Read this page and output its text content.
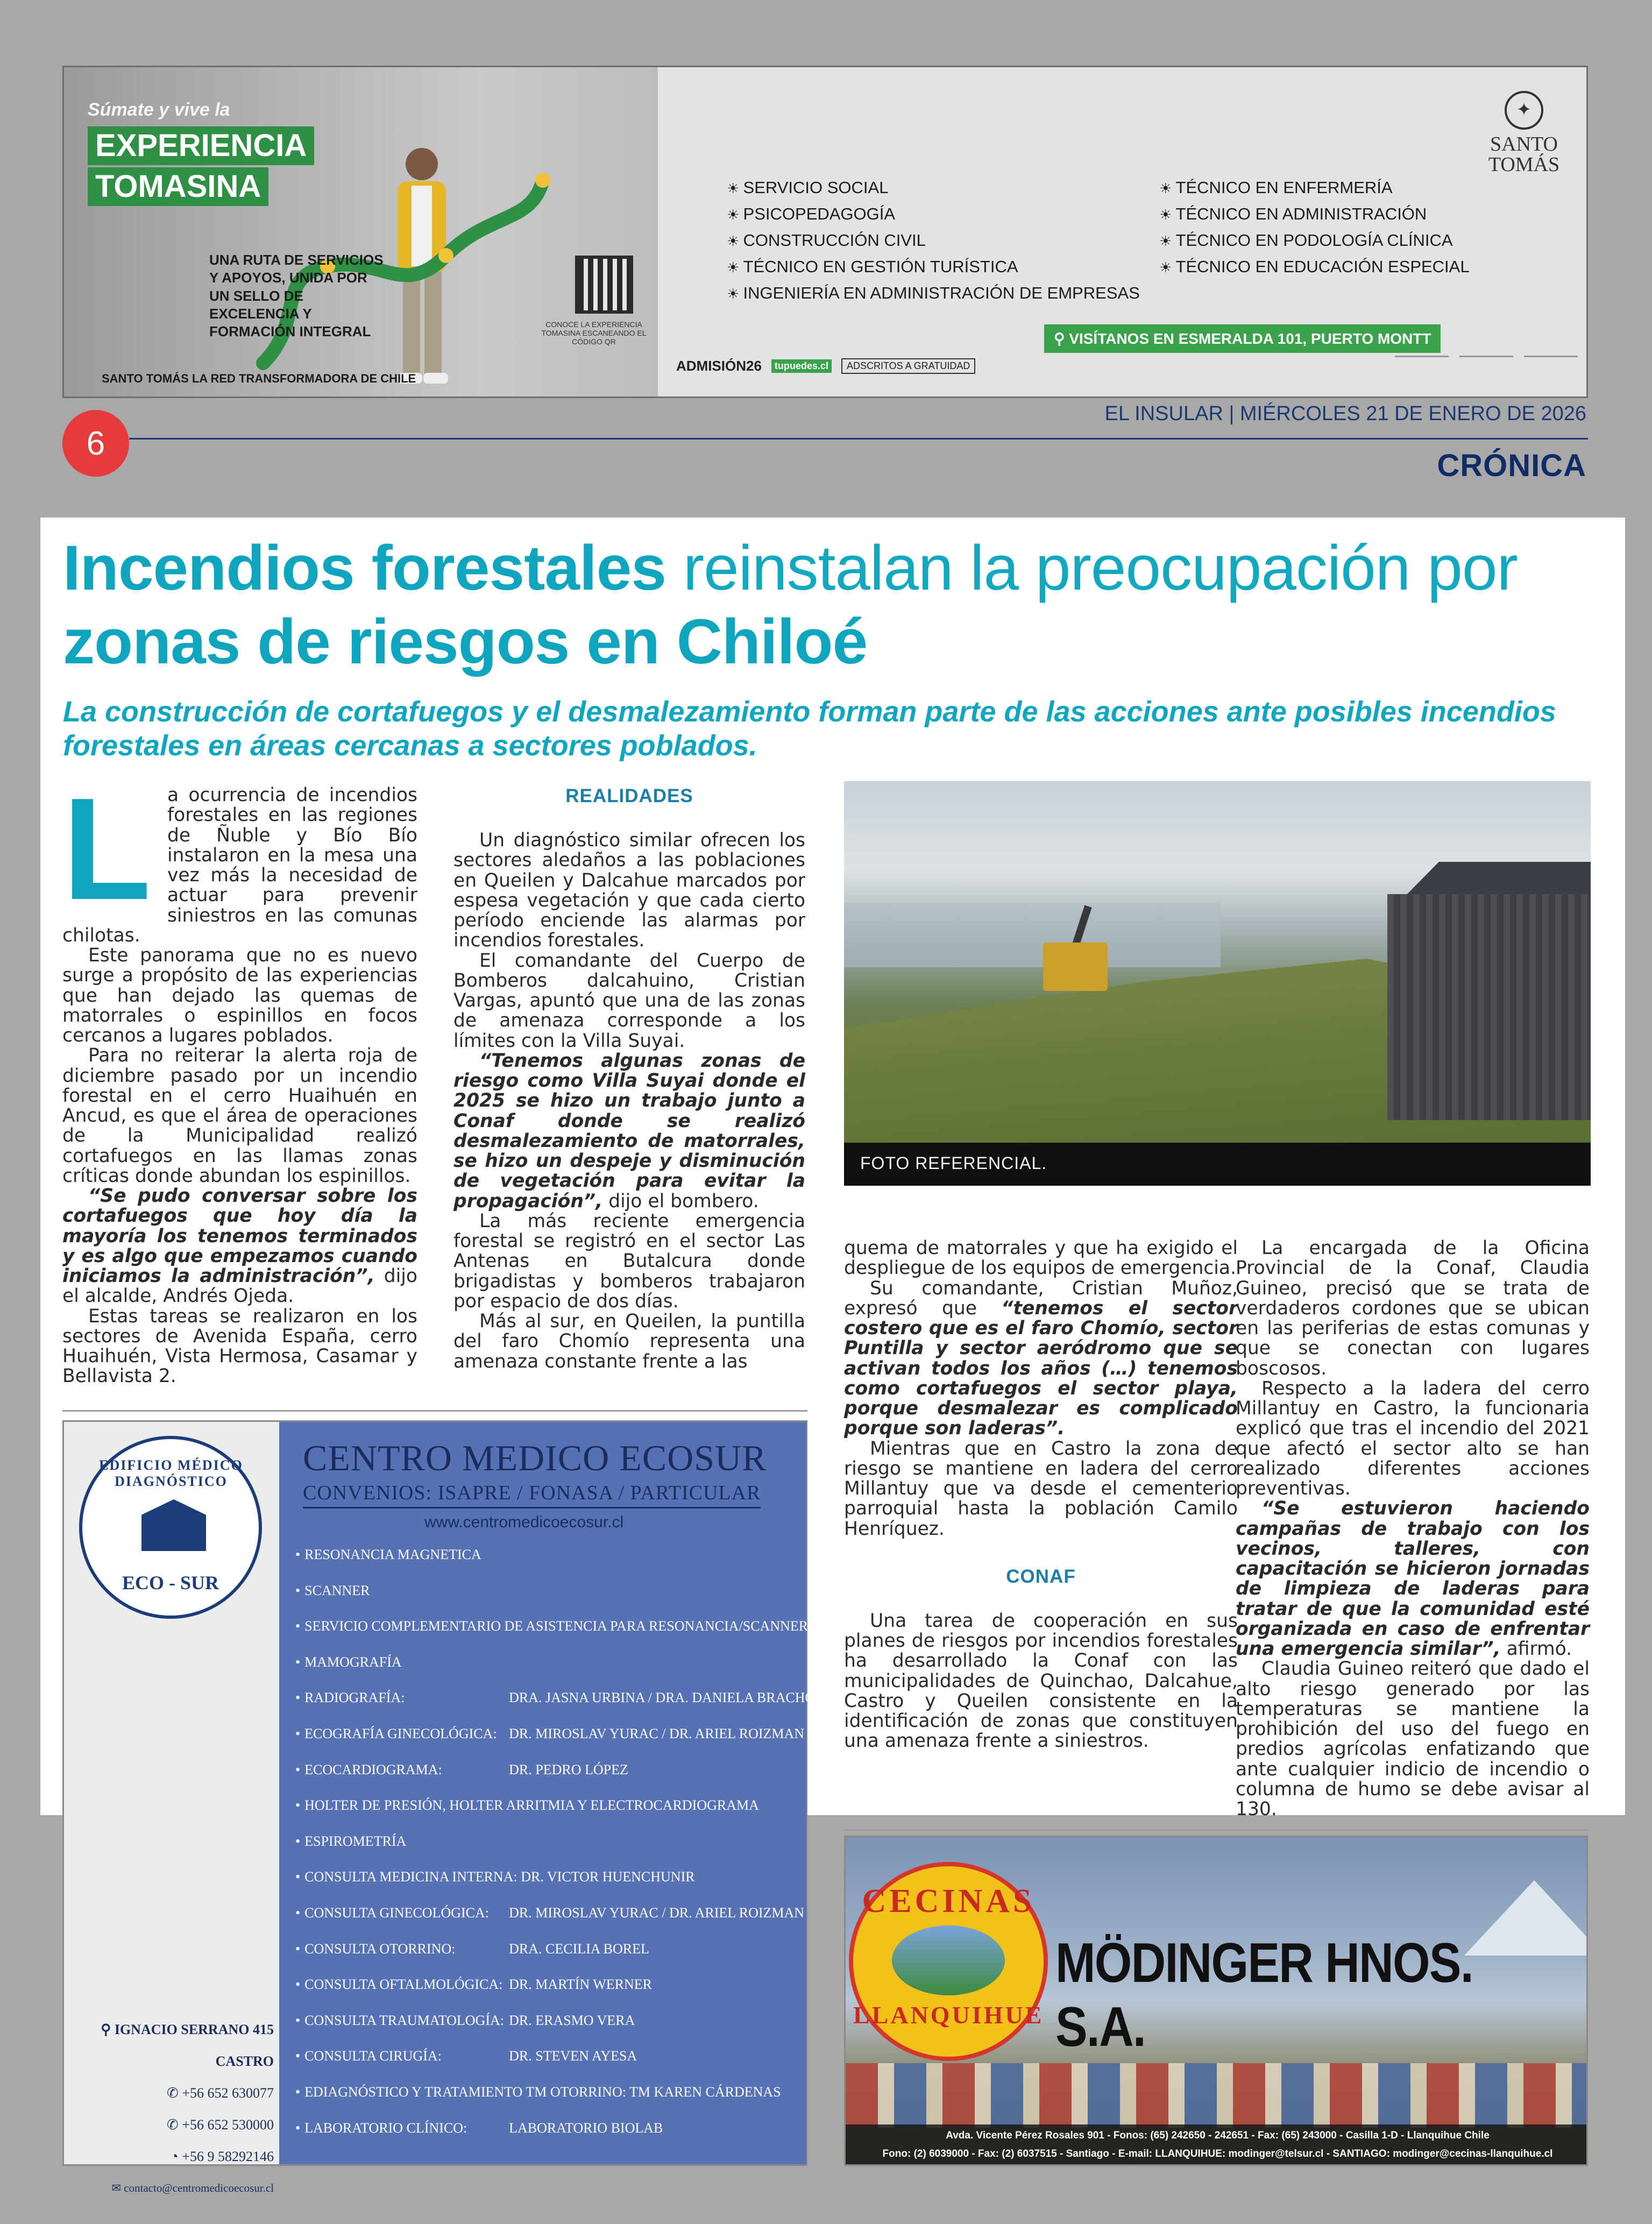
Súmate y vive la
EXPERIENCIA
TOMASINA
UNA RUTA DE SERVICIOS Y APOYOS, UNIDA POR UN SELLO DE EXCELENCIA Y FORMACIÓN INTEGRAL	CONOCE LA EXPERIENCIA TOMASINA ESCANEANDO EL CÓDIGO QR
SANTO TOMÁS LA RED TRANSFORMADORA DE CHILE
☀ SERVICIO SOCIAL
☀ PSICOPEDAGOGÍA
☀ CONSTRUCCIÓN CIVIL
☀ TÉCNICO EN GESTIÓN TURÍSTICA
☀ INGENIERÍA EN ADMINISTRACIÓN DE EMPRESAS
☀ TÉCNICO EN ENFERMERÍA
☀ TÉCNICO EN ADMINISTRACIÓN
☀ TÉCNICO EN PODOLOGÍA CLÍNICA
☀ TÉCNICO EN EDUCACIÓN ESPECIAL
✦
SANTO
TOMÁS
⚲ VISÍTANOS EN ESMERALDA 101, PUERTO MONTT
ADMISIÓN26	tupuedes.cl	ADSCRITOS A GRATUIDAD
6
EL INSULAR | MIÉRCOLES 21 DE ENERO DE 2026
CRÓNICA
Incendios forestales reinstalan la preocupación por zonas de riesgos en Chiloé
La construcción de cortafuegos y el desmalezamiento forman parte de las acciones ante posibles incendios forestales en áreas cercanas a sectores poblados.
L a ocurrencia de incendios forestales en las regiones de Ñuble y Bío Bío instalaron en la mesa una vez más la necesidad de actuar para prevenir siniestros en las comunas chilotas.

Este panorama que no es nuevo surge a propósito de las experiencias que han dejado las quemas de matorrales o espinillos en focos cercanos a lugares poblados.

Para no reiterar la alerta roja de diciembre pasado por un incendio forestal en el cerro Huaihuén en Ancud, es que el área de operaciones de la Municipalidad realizó cortafuegos en las llamas zonas críticas donde abundan los espinillos.

“Se pudo conversar sobre los cortafuegos que hoy día la mayoría los tenemos terminados y es algo que empezamos cuando iniciamos la administración”, dijo el alcalde, Andrés Ojeda.

Estas tareas se realizaron en los sectores de Avenida España, cerro Huaihuén, Vista Hermosa, Casamar y Bellavista 2.

REALIDADES

Un diagnóstico similar ofrecen los sectores aledaños a las poblaciones en Queilen y Dalcahue marcados por espesa vegetación y que cada cierto período enciende las alarmas por incendios forestales.

El comandante del Cuerpo de Bomberos dalcahuino, Cristian Vargas, apuntó que una de las zonas de amenaza corresponde a los límites con la Villa Suyai.

“Tenemos algunas zonas de riesgo como Villa Suyai donde el 2025 se hizo un trabajo junto a Conaf donde se realizó desmalezamiento de matorrales, se hizo un despeje y disminución de vegetación para evitar la propagación”, dijo el bombero.

La más reciente emergencia forestal se registró en el sector Las Antenas en Butalcura donde brigadistas y bomberos trabajaron por espacio de dos días.

Más al sur, en Queilen, la puntilla del faro Chomío representa una amenaza constante frente a las

FOTO REFERENCIAL.

quema de matorrales y que ha exigido el despliegue de los equipos de emergencia.

Su comandante, Cristian Muñoz, expresó que “tenemos el sector costero que es el faro Chomío, sector Puntilla y sector aeródromo que se activan todos los años (…) tenemos como cortafuegos el sector playa, porque desmalezar es complicado porque son laderas”.

Mientras que en Castro la zona de riesgo se mantiene en ladera del cerro Millantuy que va desde el cementerio parroquial hasta la población Camilo Henríquez.

CONAF

Una tarea de cooperación en sus planes de riesgos por incendios forestales ha desarrollado la Conaf con las municipalidades de Quinchao, Dalcahue, Castro y Queilen consistente en la identificación de zonas que constituyen una amenaza frente a siniestros.

La encargada de la Oficina Provincial de la Conaf, Claudia Guineo, precisó que se trata de verdaderos cordones que se ubican en las periferias de estas comunas y que se conectan con lugares boscosos.

Respecto a la ladera del cerro Millantuy en Castro, la funcionaria explicó que tras el incendio del 2021 que afectó el sector alto se han realizado diferentes acciones preventivas.

“Se estuvieron haciendo campañas de trabajo con los vecinos, talleres, con capacitación se hicieron jornadas de limpieza de laderas para tratar de que la comunidad esté organizada en caso de enfrentar una emergencia similar”, afirmó.

Claudia Guineo reiteró que dado el alto riesgo generado por las temperaturas se mantiene la prohibición del uso del fuego en predios agrícolas enfatizando que ante cualquier indicio de incendio o columna de humo se debe avisar al 130.

EDIFICIO MÉDICO DIAGNÓSTICO
ECO - SUR
⚲ IGNACIO SERRANO 415 CASTRO
✆ +56 652 630077
✆ +56 652 530000
◔ +56 9 58292146
✉ contacto@centromedicoecosur.cl
CENTRO MEDICO ECOSUR
CONVENIOS: ISAPRE / FONASA / PARTICULAR
www.centromedicoecosur.cl
• RESONANCIA MAGNETICA
• SCANNER
• SERVICIO COMPLEMENTARIO DE ASISTENCIA PARA RESONANCIA/SCANNER
• MAMOGRAFÍA
• RADIOGRAFÍA:	DRA. JASNA URBINA / DRA. DANIELA BRACHO
• ECOGRAFÍA GINECOLÓGICA: DR. MIROSLAV YURAC / DR. ARIEL ROIZMAN
• ECOCARDIOGRAMA:	DR. PEDRO LÓPEZ
• HOLTER DE PRESIÓN, HOLTER ARRITMIA Y ELECTROCARDIOGRAMA
• ESPIROMETRÍA
• CONSULTA MEDICINA INTERNA: DR. VICTOR HUENCHUNIR
• CONSULTA GINECOLÓGICA:	DR. MIROSLAV YURAC / DR. ARIEL ROIZMAN
• CONSULTA OTORRINO:	DRA. CECILIA BOREL
• CONSULTA OFTALMOLÓGICA: DR. MARTÍN WERNER
• CONSULTA TRAUMATOLOGÍA: DR. ERASMO VERA
• CONSULTA CIRUGÍA:	DR. STEVEN AYESA
• EDIAGNÓSTICO Y TRATAMIENTO TM OTORRINO: TM KAREN CÁRDENAS
• LABORATORIO CLÍNICO:	LABORATORIO BIOLAB
CECINAS
LLANQUIHUE
MÖDINGER HNOS. S.A.
Avda. Vicente Pérez Rosales 901 - Fonos: (65) 242650 - 242651 - Fax: (65) 243000 - Casilla 1-D - Llanquihue Chile
Fono: (2) 6039000 - Fax: (2) 6037515 - Santiago - E-mail: LLANQUIHUE: modinger@telsur.cl - SANTIAGO: modinger@cecinas-llanquihue.cl
